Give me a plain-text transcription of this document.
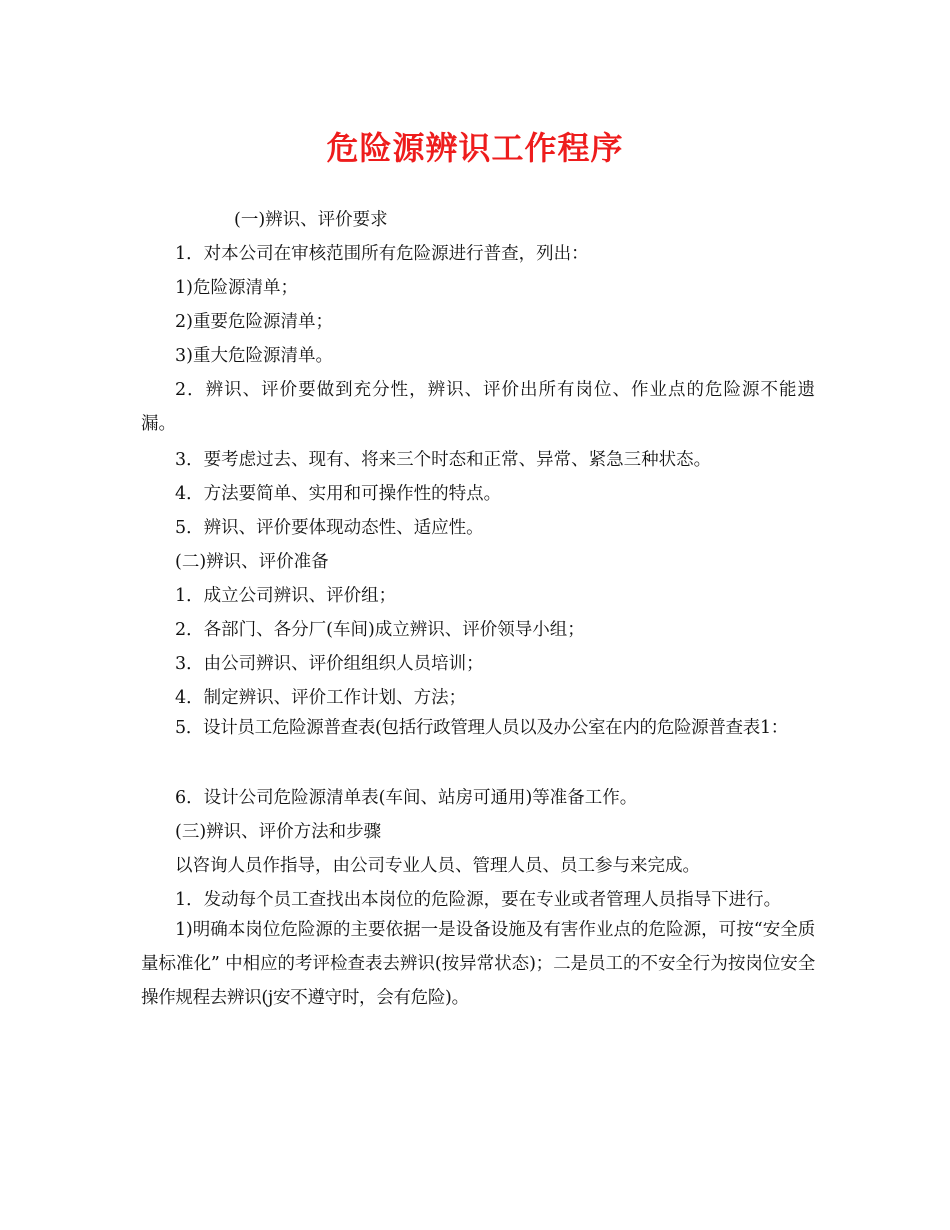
危险源辨识工作程序
(一)辨识、评价要求
1．对本公司在审核范围所有危险源进行普查，列出：
1)危险源清单；
2)重要危险源清单；
3)重大危险源清单。
2．辨识、评价要做到充分性，辨识、评价出所有岗位、作业点的危险源不能遗漏。
3．要考虑过去、现有、将来三个时态和正常、异常、紧急三种状态。
4．方法要简单、实用和可操作性的特点。
5．辨识、评价要体现动态性、适应性。
(二)辨识、评价准备
1．成立公司辨识、评价组；
2．各部门、各分厂(车间)成立辨识、评价领导小组；
3．由公司辨识、评价组组织人员培训；
4．制定辨识、评价工作计划、方法；
5．设计员工危险源普查表(包括行政管理人员以及办公室在内的危险源普查表1：
6．设计公司危险源清单表(车间、站房可通用)等准备工作。
(三)辨识、评价方法和步骤
以咨询人员作指导，由公司专业人员、管理人员、员工参与来完成。
1．发动每个员工查找出本岗位的危险源，要在专业或者管理人员指导下进行。
1)明确本岗位危险源的主要依据一是设备设施及有害作业点的危险源，可按“安全质量标准化” 中相应的考评检查表去辨识(按异常状态)；二是员工的不安全行为按岗位安全操作规程去辨识(j安不遵守时，会有危险)。
